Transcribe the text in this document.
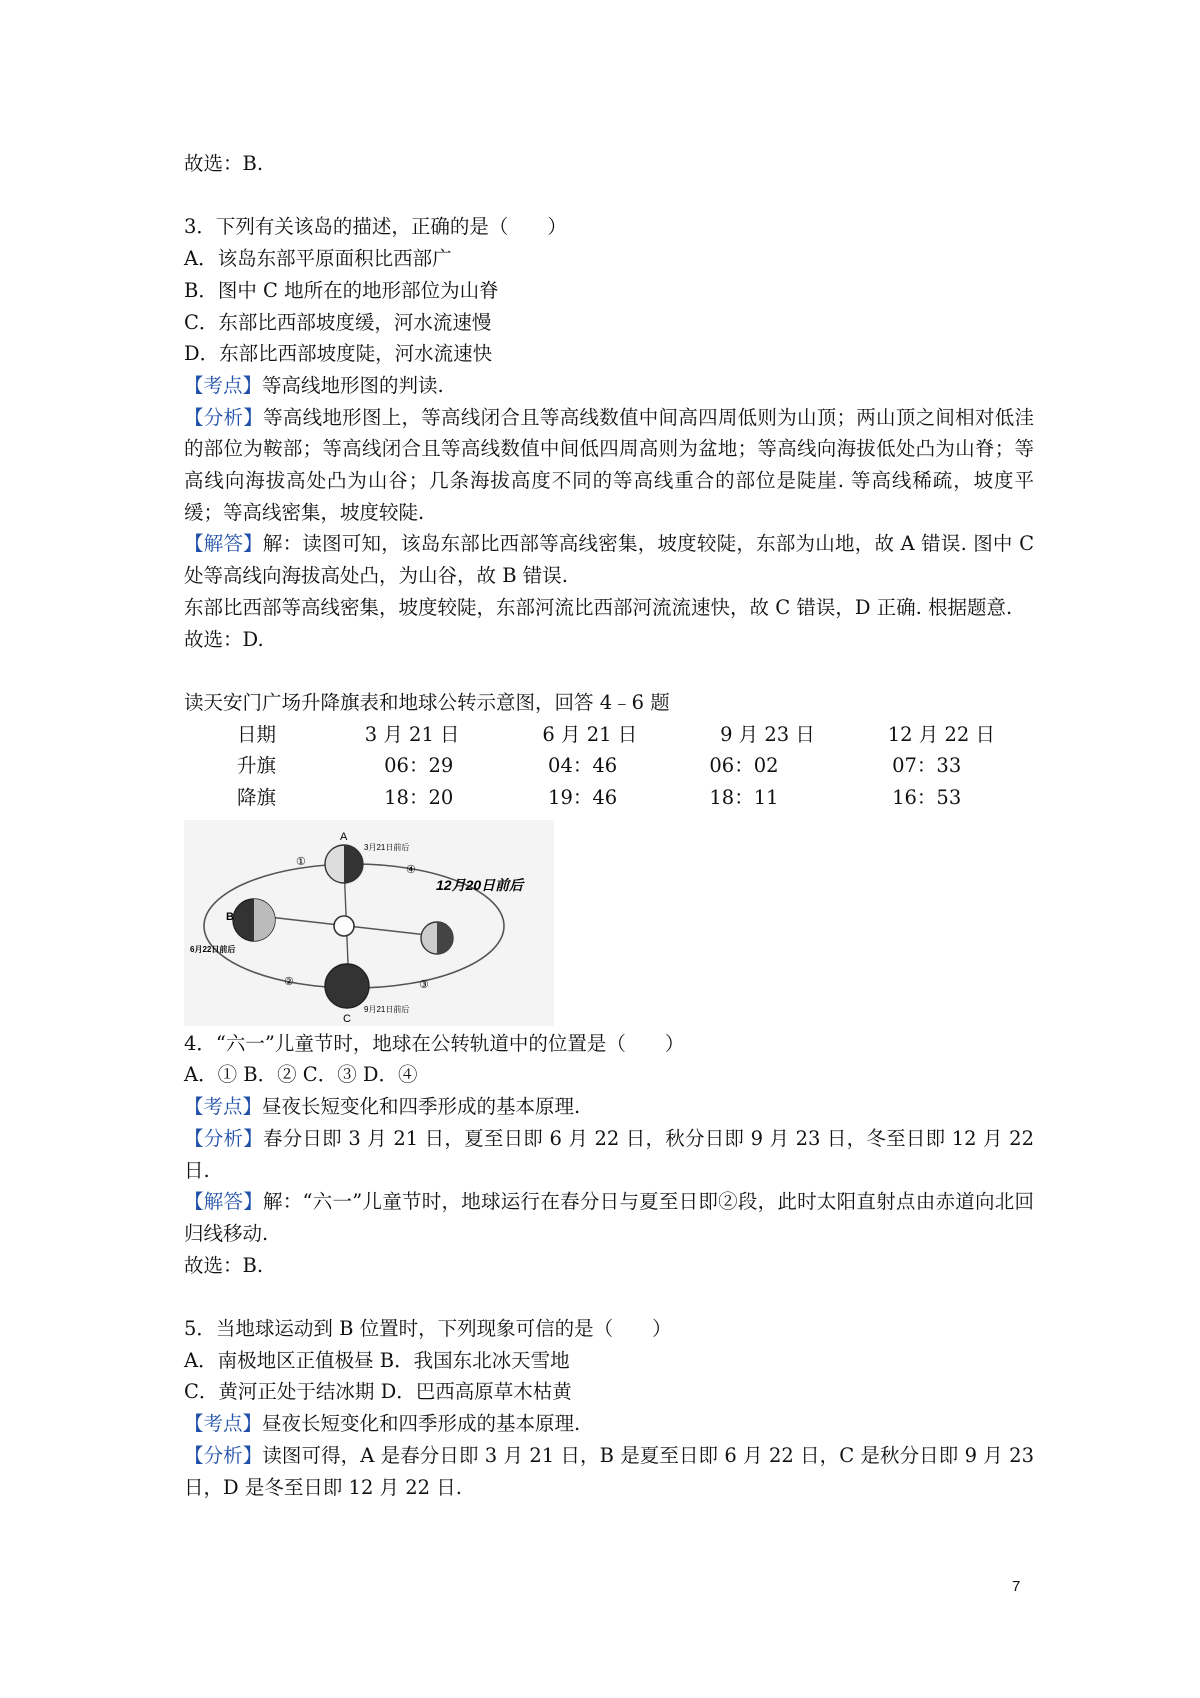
故选：B.
3．下列有关该岛的描述，正确的是（　　）
A．该岛东部平原面积比西部广
B．图中 C 地所在的地形部位为山脊
C．东部比西部坡度缓，河水流速慢
D．东部比西部坡度陡，河水流速快
【考点】等高线地形图的判读.
【分析】等高线地形图上，等高线闭合且等高线数值中间高四周低则为山顶；两山顶之间相对低洼的部位为鞍部；等高线闭合且等高线数值中间低四周高则为盆地；等高线向海拔低处凸为山脊；等高线向海拔高处凸为山谷；几条海拔高度不同的等高线重合的部位是陡崖. 等高线稀疏，坡度平缓；等高线密集，坡度较陡.
【解答】解：读图可知，该岛东部比西部等高线密集，坡度较陡，东部为山地，故 A 错误. 图中 C 处等高线向海拔高处凸，为山谷，故 B 错误.
东部比西部等高线密集，坡度较陡，东部河流比西部河流流速快，故 C 错误，D 正确. 根据题意.
故选：D.
读天安门广场升降旗表和地球公转示意图，回答 4﹣6 题
日期	3 月 21 日	6 月 21 日	9 月 23 日	12 月 22 日
升旗	06：29	04：46	06：02	07：33
降旗	18：20	19：46	18：11	16：53
A
B
C
3月21日前后
6月22日前后
9月21日前后
12月20日前后
①
②	③
④
4．“六一”儿童节时，地球在公转轨道中的位置是（　　）
A．① B．② C．③ D．④
【考点】昼夜长短变化和四季形成的基本原理.
【分析】春分日即 3 月 21 日，夏至日即 6 月 22 日，秋分日即 9 月 23 日，冬至日即 12 月 22 日.
【解答】解：“六一”儿童节时，地球运行在春分日与夏至日即②段，此时太阳直射点由赤道向北回归线移动.
故选：B.
5．当地球运动到 B 位置时，下列现象可信的是（　　）
A．南极地区正值极昼 B．我国东北冰天雪地
C．黄河正处于结冰期 D．巴西高原草木枯黄
【考点】昼夜长短变化和四季形成的基本原理.
【分析】读图可得，A 是春分日即 3 月 21 日，B 是夏至日即 6 月 22 日，C 是秋分日即 9 月 23 日，D 是冬至日即 12 月 22 日.
7
